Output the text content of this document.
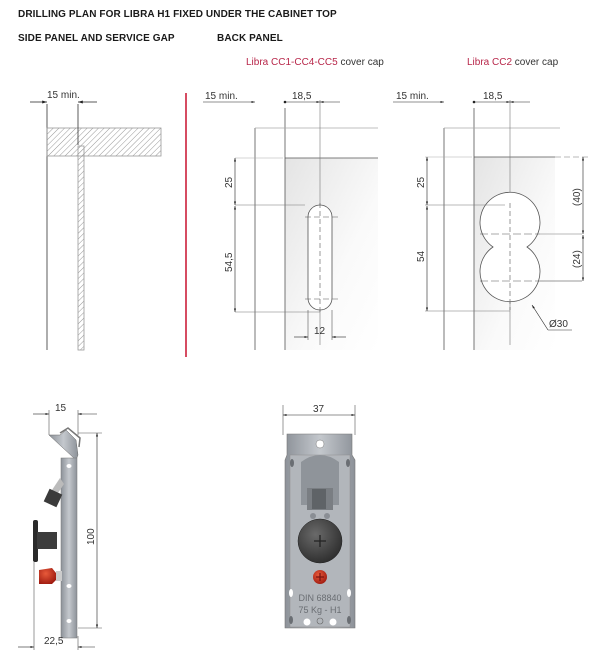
DRILLING PLAN FOR LIBRA H1 FIXED UNDER THE CABINET TOP
SIDE PANEL AND SERVICE GAP	BACK PANEL
Libra CC1-CC4-CC5 cover cap	Libra CC2 cover cap
15 min.	15 min.	18,5
25
54,5
12
15 min.	18,5
25
54
(40)
(24)
Ø30
15
100
22,5
37
DIN 68840
75 Kg - H1
